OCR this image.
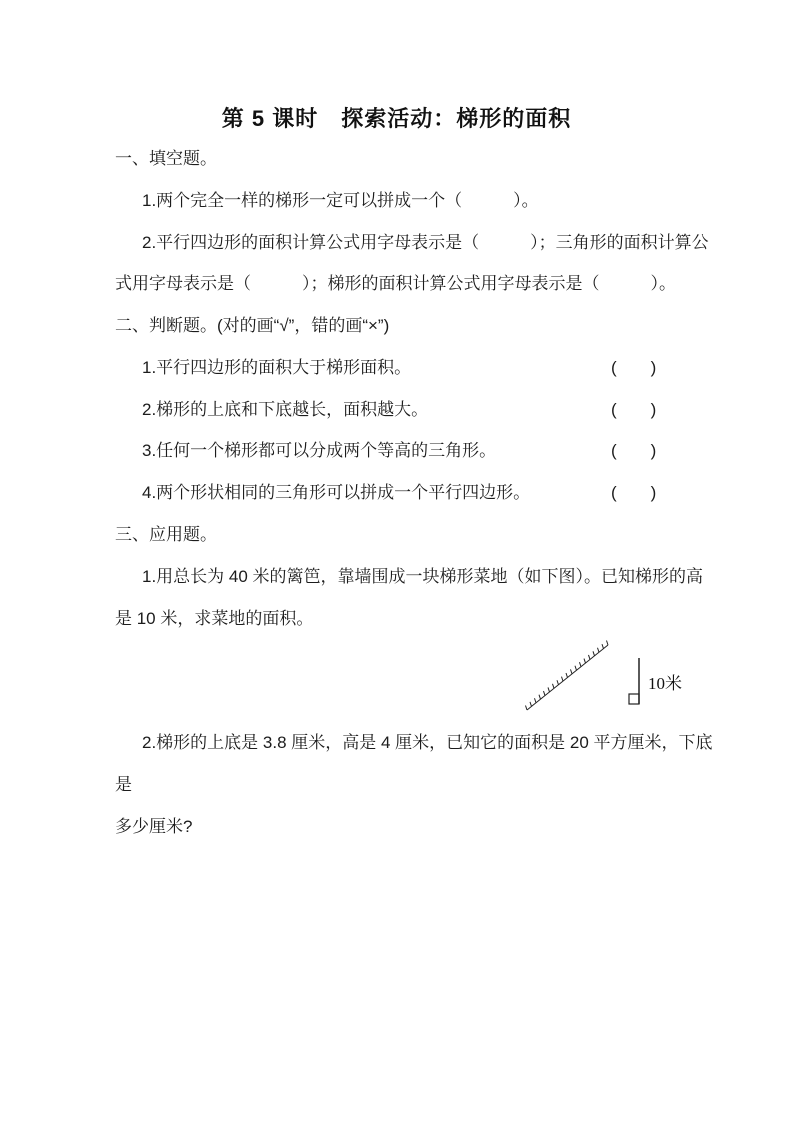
第 5 课时　探索活动：梯形的面积
一、填空题。
1.两个完全一样的梯形一定可以拼成一个（　　　）。
2.平行四边形的面积计算公式用字母表示是（　　　）；三角形的面积计算公
式用字母表示是（　　　）；梯形的面积计算公式用字母表示是（　　　）。
二、判断题。(对的画“√”，错的画“×”)
1.平行四边形的面积大于梯形面积。	(　　)
2.梯形的上底和下底越长，面积越大。	(　　)
3.任何一个梯形都可以分成两个等高的三角形。	(　　)
4.两个形状相同的三角形可以拼成一个平行四边形。	(　　)
三、应用题。
1.用总长为 40 米的篱笆，靠墙围成一块梯形菜地（如下图）。已知梯形的高
是 10 米，求菜地的面积。
10米
2.梯形的上底是 3.8 厘米，高是 4 厘米，已知它的面积是 20 平方厘米，下底
是
多少厘米?
